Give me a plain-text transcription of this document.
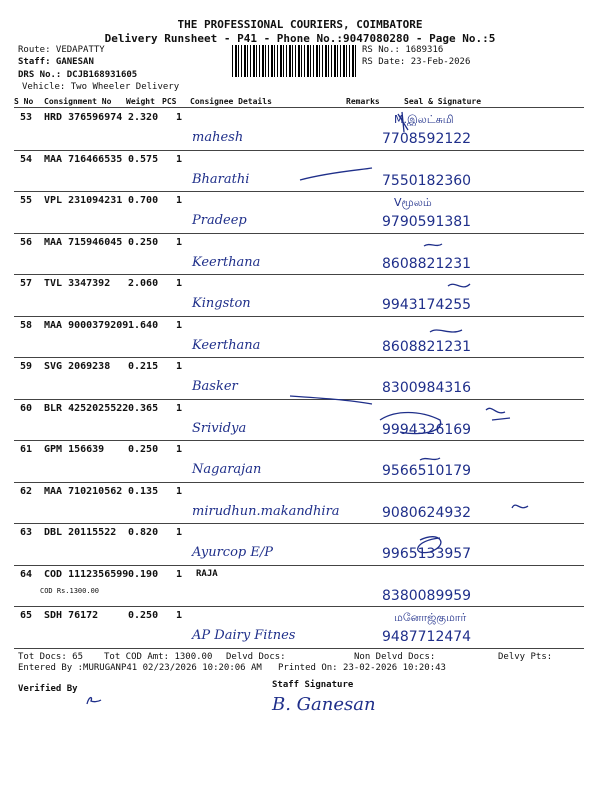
THE PROFESSIONAL COURIERS, COIMBATORE
Delivery Runsheet - P41 - Phone No.:9047080280 - Page No.:5
Route: VEDAPATTY
Staff: GANESAN
DRS No.: DCJB168931605
Vehicle: Two Wheeler Delivery
RS No.: 1689316
RS Date: 23-Feb-2026
S No Consignment No Weight PCS Consignee Details	Remarks	Seal & Signature
53 HRD 376596974 2.320 1
mahesh	7708592122
M.இலட்சுமி
54 MAA 716466535 0.575 1
Bharathi	7550182360
55 VPL 231094231 0.700 1
Pradeep	9790591381
Vமூலம்
56 MAA 715946045 0.250 1
Keerthana	8608821231
57 TVL 3347392 2.060 1
Kingston	9943174255
58 MAA 9000379209 1.640 1
Keerthana	8608821231
59 SVG 2069238 0.215 1
Basker	8300984316
60 BLR 4252025522 0.365 1
Srividya	9994326169
61 GPM 156639 0.250 1
Nagarajan	9566510179
62 MAA 710210562 0.135 1
mirudhun.makandhira	9080624932
63 DBL 20115522 0.820 1
Ayurcop E/P	9965133957
64 COD 1112356599 0.190 1 RAJA
8380089959
COD Rs.1300.00
65 SDH 76172	0.250 1
AP Dairy Fitnes	9487712474
மனோஜ்குமார்
Tot Docs: 65 Tot COD Amt: 1300.00 Delvd Docs:	Non Delvd Docs:	Delvy Pts:
Entered By :MURUGANP41 02/23/2026 10:20:06 AM Printed On: 23-02-2026 10:20:43
Verified By	Staff Signature
B. Ganesan
